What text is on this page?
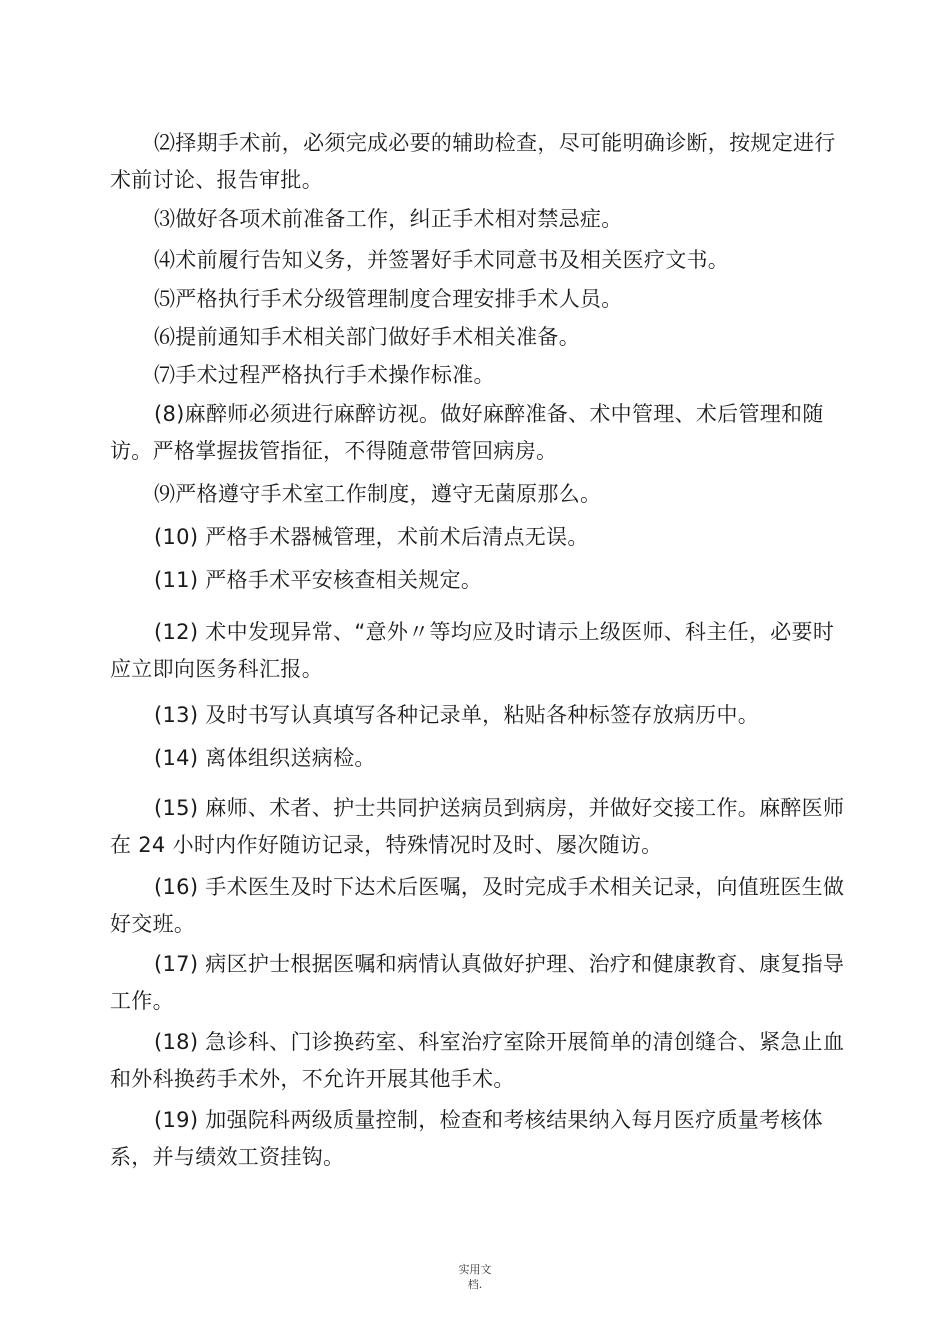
⑵择期手术前，必须完成必要的辅助检查，尽可能明确诊断，按规定进行术前讨论、报告审批。

⑶做好各项术前准备工作，纠正手术相对禁忌症。

⑷术前履行告知义务，并签署好手术同意书及相关医疗文书。

⑸严格执行手术分级管理制度合理安排手术人员。

⑹提前通知手术相关部门做好手术相关准备。

⑺手术过程严格执行手术操作标准。

(8)麻醉师必须进行麻醉访视。做好麻醉准备、术中管理、术后管理和随访。严格掌握拔管指征，不得随意带管回病房。

⑼严格遵守手术室工作制度，遵守无菌原那么。

(10) 严格手术器械管理，术前术后清点无误。

(11) 严格手术平安核查相关规定。

(12) 术中发现异常、“意外〃等均应及时请示上级医师、科主任，必要时应立即向医务科汇报。

(13) 及时书写认真填写各种记录单，粘贴各种标签存放病历中。

(14) 离体组织送病检。

(15) 麻师、术者、护士共同护送病员到病房，并做好交接工作。麻醉医师在 24 小时内作好随访记录，特殊情况时及时、屡次随访。

(16) 手术医生及时下达术后医嘱，及时完成手术相关记录，向值班医生做好交班。

(17) 病区护士根据医嘱和病情认真做好护理、治疗和健康教育、康复指导工作。

(18) 急诊科、门诊换药室、科室治疗室除开展简单的清创缝合、紧急止血和外科换药手术外，不允许开展其他手术。

(19) 加强院科两级质量控制，检查和考核结果纳入每月医疗质量考核体系，并与绩效工资挂钩。

实用文
档.
